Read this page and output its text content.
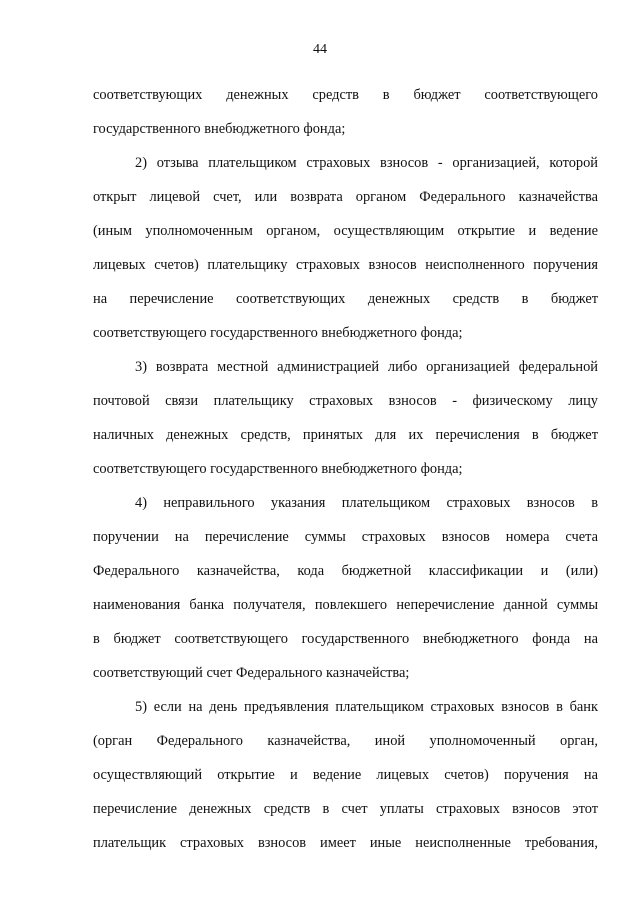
44
соответствующих денежных средств в бюджет соответствующего
государственного внебюджетного фонда;
2) отзыва плательщиком страховых взносов - организацией, которой
открыт лицевой счет, или возврата органом Федерального казначейства
(иным уполномоченным органом, осуществляющим открытие и ведение
лицевых счетов) плательщику страховых взносов неисполненного поручения
на перечисление соответствующих денежных средств в бюджет
соответствующего государственного внебюджетного фонда;
3) возврата местной администрацией либо организацией федеральной
почтовой связи плательщику страховых взносов - физическому лицу
наличных денежных средств, принятых для их перечисления в бюджет
соответствующего государственного внебюджетного фонда;
4) неправильного указания плательщиком страховых взносов в
поручении на перечисление суммы страховых взносов номера счета
Федерального казначейства, кода бюджетной классификации и (или)
наименования банка получателя, повлекшего неперечисление данной суммы
в бюджет соответствующего государственного внебюджетного фонда на
соответствующий счет Федерального казначейства;
5) если на день предъявления плательщиком страховых взносов в банк
(орган Федерального казначейства, иной уполномоченный орган,
осуществляющий открытие и ведение лицевых счетов) поручения на
перечисление денежных средств в счет уплаты страховых взносов этот
плательщик страховых взносов имеет иные неисполненные требования,
